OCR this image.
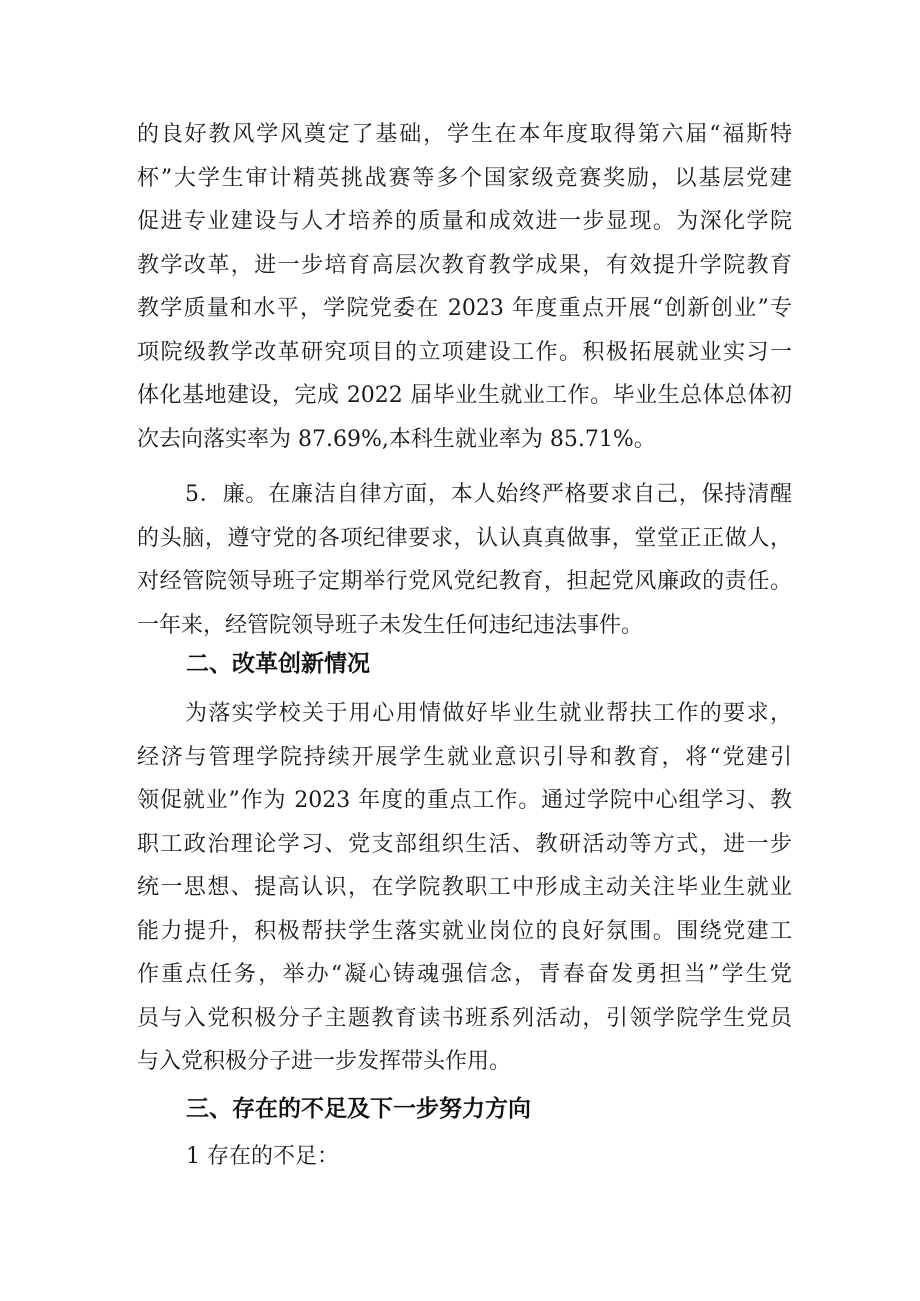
的良好教风学风奠定了基础，学生在本年度取得第六届“福斯特
杯”大学生审计精英挑战赛等多个国家级竞赛奖励，以基层党建
促进专业建设与人才培养的质量和成效进一步显现。为深化学院
教学改革，进一步培育高层次教育教学成果，有效提升学院教育
教学质量和水平，学院党委在 2023 年度重点开展“创新创业”专
项院级教学改革研究项目的立项建设工作。积极拓展就业实习一
体化基地建设，完成 2022 届毕业生就业工作。毕业生总体总体初
次去向落实率为 87.69%,本科生就业率为 85.71%。
5．廉。在廉洁自律方面，本人始终严格要求自己，保持清醒
的头脑，遵守党的各项纪律要求，认认真真做事，堂堂正正做人，
对经管院领导班子定期举行党风党纪教育，担起党风廉政的责任。
一年来，经管院领导班子未发生任何违纪违法事件。
二、改革创新情况
为落实学校关于用心用情做好毕业生就业帮扶工作的要求，
经济与管理学院持续开展学生就业意识引导和教育，将“党建引
领促就业”作为 2023 年度的重点工作。通过学院中心组学习、教
职工政治理论学习、党支部组织生活、教研活动等方式，进一步
统一思想、提高认识，在学院教职工中形成主动关注毕业生就业
能力提升，积极帮扶学生落实就业岗位的良好氛围。围绕党建工
作重点任务，举办“凝心铸魂强信念，青春奋发勇担当”学生党
员与入党积极分子主题教育读书班系列活动，引领学院学生党员
与入党积极分子进一步发挥带头作用。
三、存在的不足及下一步努力方向

1 存在的不足：
